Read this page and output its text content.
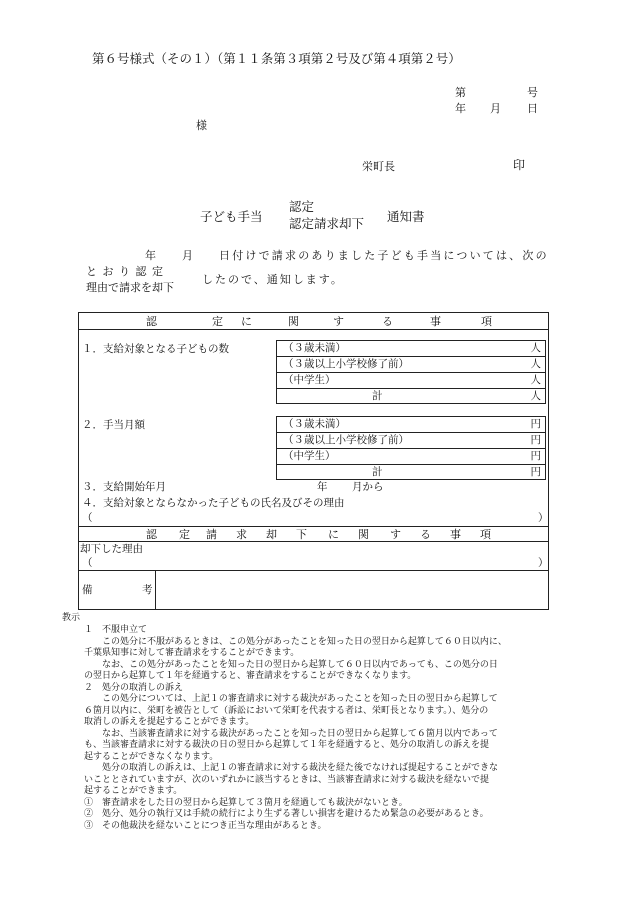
第６号様式（その１）（第１１条第３項第２号及び第４項第２号）
第	号
年 月 日
様
栄町長	印
子ども手当
認定
認定請求却下 通知書
年 月 日付けで請求のありました子ども手当については、次の
と お り 認 定
理由で請求を却下
したので、通知します。
認	定 に	関	す	る	事	項
１．支給対象となる子どもの数	（３歳未満）	人
（３歳以上小学校修了前）	人
（中学生）	人
計	人
２．手当月額	（３歳未満）	円
（３歳以上小学校修了前）	円
（中学生）	円
計	円
３．支給開始年月	年 月から
４．支給対象とならなかった子どもの氏名及びその理由
（	）
認 定 請 求 却 下 に 関 す る 事 項
却下した理由
（	）
備	考
教示

１　不服申立て

　　この処分に不服があるときは、この処分があったことを知った日の翌日から起算して６０日以内に、

千葉県知事に対して審査請求をすることができます。

　　なお、この処分があったことを知った日の翌日から起算して６０日以内であっても、この処分の日

の翌日から起算して１年を経過すると、審査請求をすることができなくなります。

２　処分の取消しの訴え

　　この処分については、上記１の審査請求に対する裁決があったことを知った日の翌日から起算して

６箇月以内に、栄町を被告として（訴訟において栄町を代表する者は、栄町長となります。）、処分の

取消しの訴えを提起することができます。

　　なお、当該審査請求に対する裁決があったことを知った日の翌日から起算して６箇月以内であって

も、当該審査請求に対する裁決の日の翌日から起算して１年を経過すると、処分の取消しの訴えを提

起することができなくなります。

　　処分の取消しの訴えは、上記１の審査請求に対する裁決を経た後でなければ提起することができな

いこととされていますが、次のいずれかに該当するときは、当該審査請求に対する裁決を経ないで提

起することができます。

①　審査請求をした日の翌日から起算して３箇月を経過しても裁決がないとき。

②　処分、処分の執行又は手続の続行により生ずる著しい損害を避けるため緊急の必要があるとき。

③　その他裁決を経ないことにつき正当な理由があるとき。
